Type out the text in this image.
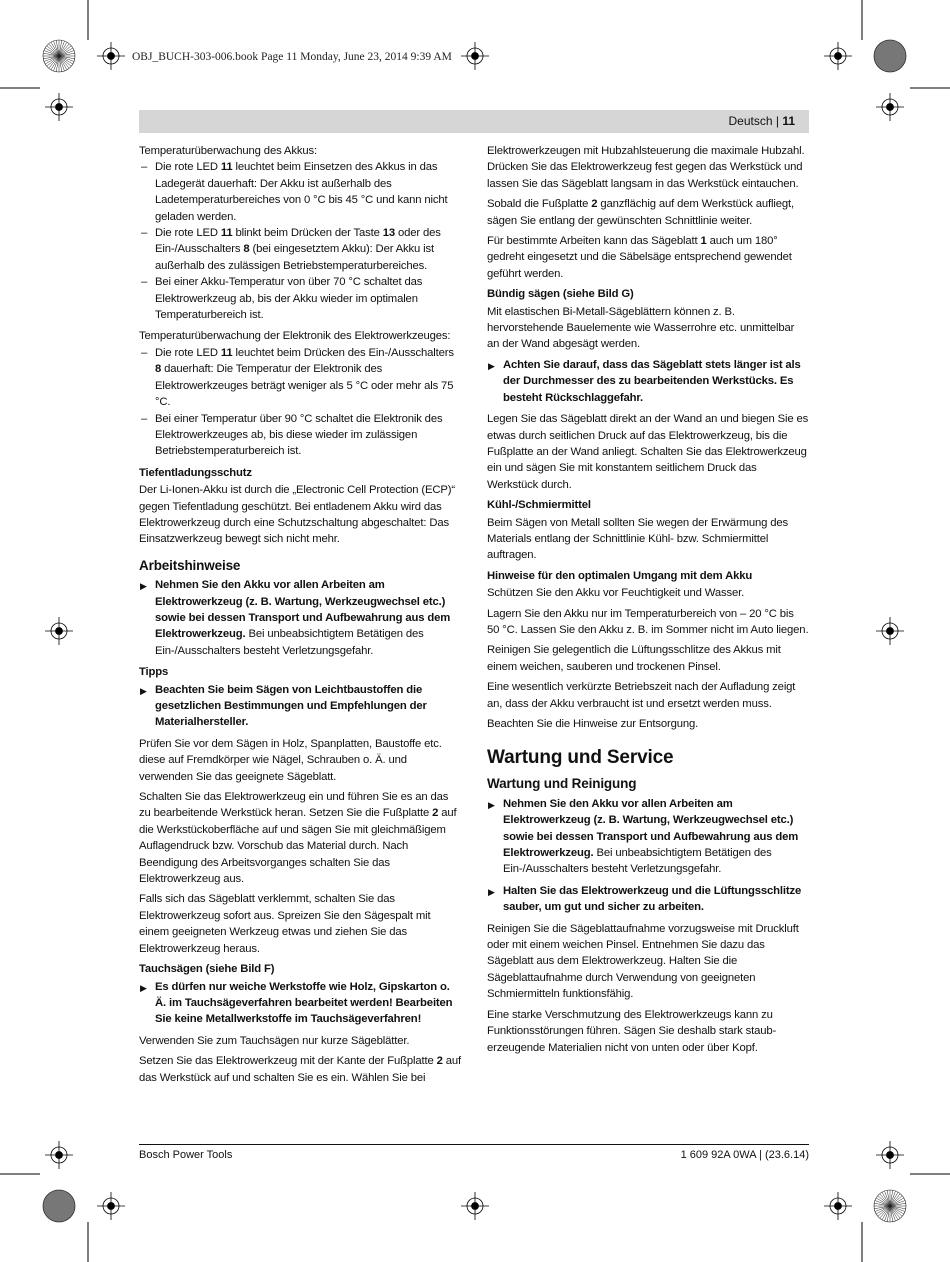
OBJ_BUCH-303-006.book Page 11 Monday, June 23, 2014 9:39 AM
Deutsch | 11

Temperaturüberwachung des Akkus:

– Die rote LED 11 leuchtet beim Einsetzen des Akkus in das Ladegerät dauerhaft: Der Akku ist außerhalb des Ladetemperaturbereiches von 0 °C bis 45 °C und kann nicht geladen werden.
– Die rote LED 11 blinkt beim Drücken der Taste 13 oder des Ein-/Ausschalters 8 (bei eingesetztem Akku): Der Akku ist außerhalb des zulässigen Betriebstemperaturbereiches.
– Bei einer Akku-Temperatur von über 70 °C schaltet das Elektrowerkzeug ab, bis der Akku wieder im optimalen Temperaturbereich ist.

Temperaturüberwachung der Elektronik des Elektrowerkzeuges:

– Die rote LED 11 leuchtet beim Drücken des Ein-/Ausschalters 8 dauerhaft: Die Temperatur der Elektronik des Elektrowerkzeuges beträgt weniger als 5 °C oder mehr als 75 °C.
– Bei einer Temperatur über 90 °C schaltet die Elektronik des Elektrowerkzeuges ab, bis diese wieder im zulässigen Betriebstemperaturbereich ist.
Tiefentladungsschutz

Der Li-Ionen-Akku ist durch die „Electronic Cell Protection (ECP)“ gegen Tiefentladung geschützt. Bei entladenem Akku wird das Elektrowerkzeug durch eine Schutzschaltung abgeschaltet: Das Einsatzwerkzeug bewegt sich nicht mehr.

Arbeitshinweise
▶ Nehmen Sie den Akku vor allen Arbeiten am Elektrowerkzeug (z. B. Wartung, Werkzeugwechsel etc.) sowie bei dessen Transport und Aufbewahrung aus dem Elektrowerkzeug. Bei unbeabsichtigtem Betätigen des Ein-/Ausschalters besteht Verletzungsgefahr.
Tipps
▶ Beachten Sie beim Sägen von Leichtbaustoffen die gesetzlichen Bestimmungen und Empfehlungen der Materialhersteller.

Prüfen Sie vor dem Sägen in Holz, Spanplatten, Baustoffe etc. diese auf Fremdkörper wie Nägel, Schrauben o. Ä. und verwenden Sie das geeignete Sägeblatt.

Schalten Sie das Elektrowerkzeug ein und führen Sie es an das zu bearbeitende Werkstück heran. Setzen Sie die Fußplatte 2 auf die Werkstückoberfläche auf und sägen Sie mit gleichmäßigem Auflagendruck bzw. Vorschub das Material durch. Nach Beendigung des Arbeitsvorganges schalten Sie das Elektrowerkzeug aus.

Falls sich das Sägeblatt verklemmt, schalten Sie das Elektrowerkzeug sofort aus. Spreizen Sie den Sägespalt mit einem geeigneten Werkzeug etwas und ziehen Sie das Elektrowerkzeug heraus.

Tauchsägen (siehe Bild F)
▶ Es dürfen nur weiche Werkstoffe wie Holz, Gipskarton o. Ä. im Tauchsägeverfahren bearbeitet werden! Bearbeiten Sie keine Metallwerkstoffe im Tauchsägeverfahren!

Verwenden Sie zum Tauchsägen nur kurze Sägeblätter.

Setzen Sie das Elektrowerkzeug mit der Kante der Fußplatte 2 auf das Werkstück auf und schalten Sie es ein. Wählen Sie bei

Elektrowerkzeugen mit Hubzahlsteuerung die maximale Hubzahl. Drücken Sie das Elektrowerkzeug fest gegen das Werkstück und lassen Sie das Sägeblatt langsam in das Werkstück eintauchen.

Sobald die Fußplatte 2 ganzflächig auf dem Werkstück aufliegt, sägen Sie entlang der gewünschten Schnittlinie weiter.

Für bestimmte Arbeiten kann das Sägeblatt 1 auch um 180° gedreht eingesetzt und die Säbelsäge entsprechend gewendet geführt werden.

Bündig sägen (siehe Bild G)

Mit elastischen Bi-Metall-Sägeblättern können z. B. hervorstehende Bauelemente wie Wasserrohre etc. unmittelbar an der Wand abgesägt werden.

▶ Achten Sie darauf, dass das Sägeblatt stets länger ist als der Durchmesser des zu bearbeitenden Werkstücks. Es besteht Rückschlaggefahr.

Legen Sie das Sägeblatt direkt an der Wand an und biegen Sie es etwas durch seitlichen Druck auf das Elektrowerkzeug, bis die Fußplatte an der Wand anliegt. Schalten Sie das Elektrowerkzeug ein und sägen Sie mit konstantem seitlichem Druck das Werkstück durch.

Kühl-/Schmiermittel

Beim Sägen von Metall sollten Sie wegen der Erwärmung des Materials entlang der Schnittlinie Kühl- bzw. Schmiermittel auftragen.

Hinweise für den optimalen Umgang mit dem Akku

Schützen Sie den Akku vor Feuchtigkeit und Wasser.

Lagern Sie den Akku nur im Temperaturbereich von – 20 °C bis 50 °C. Lassen Sie den Akku z. B. im Sommer nicht im Auto liegen.

Reinigen Sie gelegentlich die Lüftungsschlitze des Akkus mit einem weichen, sauberen und trockenen Pinsel.

Eine wesentlich verkürzte Betriebszeit nach der Aufladung zeigt an, dass der Akku verbraucht ist und ersetzt werden muss.

Beachten Sie die Hinweise zur Entsorgung.

Wartung und Service
Wartung und Reinigung
▶ Nehmen Sie den Akku vor allen Arbeiten am Elektrowerkzeug (z. B. Wartung, Werkzeugwechsel etc.) sowie bei dessen Transport und Aufbewahrung aus dem Elektrowerkzeug. Bei unbeabsichtigtem Betätigen des Ein-/Ausschalters besteht Verletzungsgefahr.
▶ Halten Sie das Elektrowerkzeug und die Lüftungsschlitze sauber, um gut und sicher zu arbeiten.

Reinigen Sie die Sägeblattaufnahme vorzugsweise mit Druckluft oder mit einem weichen Pinsel. Entnehmen Sie dazu das Sägeblatt aus dem Elektrowerkzeug. Halten Sie die Sägeblattaufnahme durch Verwendung von geeigneten Schmiermitteln funktionsfähig.

Eine starke Verschmutzung des Elektrowerkzeugs kann zu Funktionsstörungen führen. Sägen Sie deshalb stark staub-erzeugende Materialien nicht von unten oder über Kopf.

Bosch Power Tools	1 609 92A 0WA | (23.6.14)
